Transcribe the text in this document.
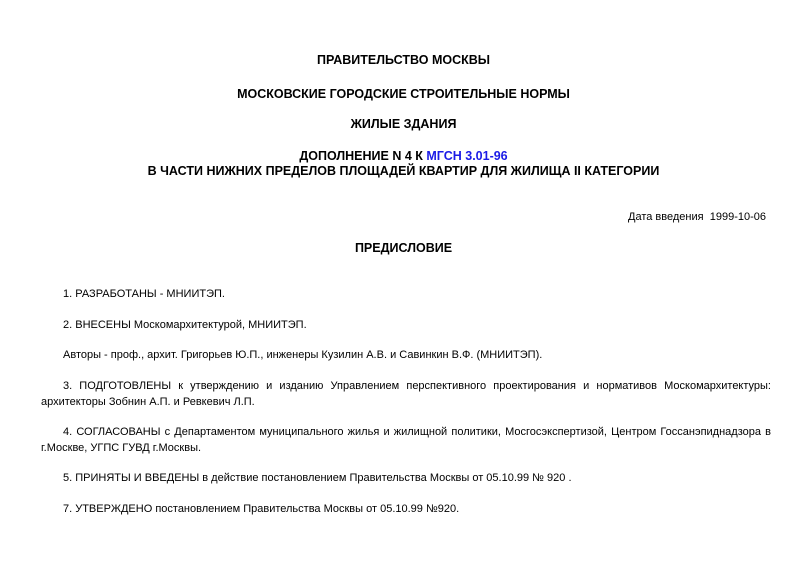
ПРАВИТЕЛЬСТВО МОСКВЫ
МОСКОВСКИЕ ГОРОДСКИЕ СТРОИТЕЛЬНЫЕ НОРМЫ
ЖИЛЫЕ ЗДАНИЯ
ДОПОЛНЕНИЕ N 4 К МГСН 3.01-96
В ЧАСТИ НИЖНИХ ПРЕДЕЛОВ ПЛОЩАДЕЙ КВАРТИР ДЛЯ ЖИЛИЩА II КАТЕГОРИИ
Дата введения 1999-10-06
ПРЕДИСЛОВИЕ

1. РАЗРАБОТАНЫ - МНИИТЭП.

2. ВНЕСЕНЫ Москомархитектурой, МНИИТЭП.

Авторы - проф., архит. Григорьев Ю.П., инженеры Кузилин А.В. и Савинкин В.Ф. (МНИИТЭП).

3. ПОДГОТОВЛЕНЫ к утверждению и изданию Управлением перспективного проектирования и нормативов Москомархитектуры: архитекторы Зобнин А.П. и Ревкевич Л.П.

4. СОГЛАСОВАНЫ с Департаментом муниципального жилья и жилищной политики, Мосгосэкспертизой, Центром Госсанэпиднадзора в г.Москве, УГПС ГУВД г.Москвы.

5. ПРИНЯТЫ И ВВЕДЕНЫ в действие постановлением Правительства Москвы от 05.10.99 № 920 .

7. УТВЕРЖДЕНО постановлением Правительства Москвы от 05.10.99 №920.
